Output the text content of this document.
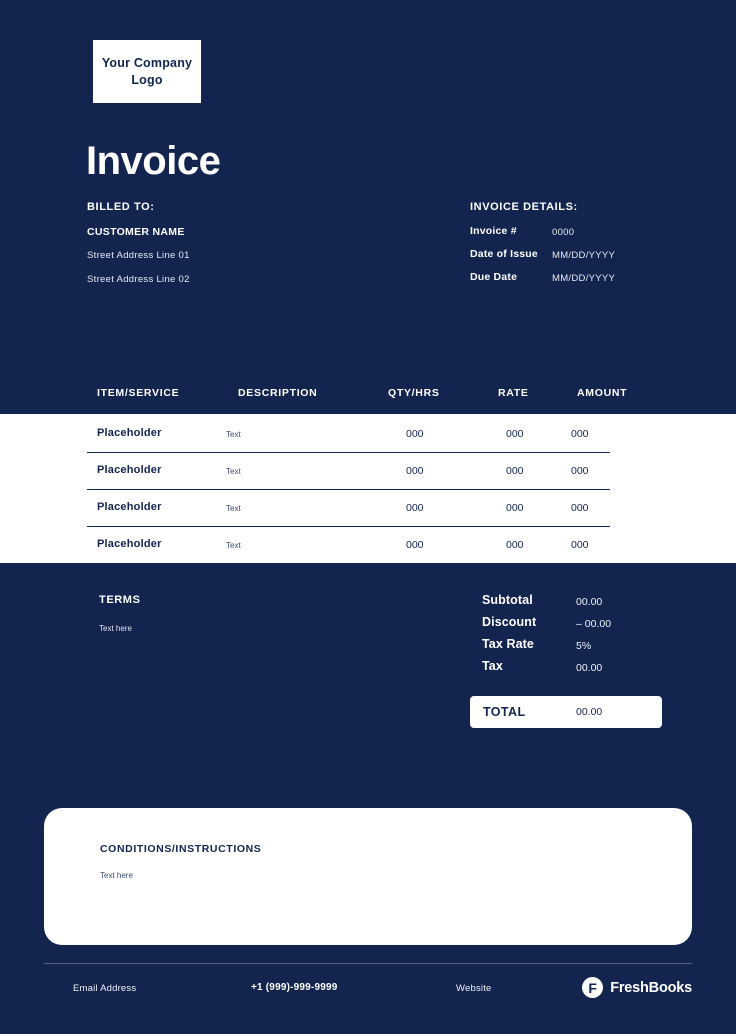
Your Company Logo
Invoice
BILLED TO:
CUSTOMER NAME
Street Address Line 01
Street Address Line 02
INVOICE DETAILS:
Invoice #	0000
Date of Issue MM/DD/YYYY
Due Date	MM/DD/YYYY
ITEM/SERVICE	DESCRIPTION	QTY/HRS	RATE	AMOUNT
Placeholder	Text	000	000	000
Placeholder	Text	000	000	000
Placeholder	Text	000	000	000
Placeholder	Text	000	000	000
TERMS
Text here
Subtotal	00.00
Discount	– 00.00
Tax Rate	5%
Tax	00.00
TOTAL	00.00
CONDITIONS/INSTRUCTIONS
Text here
Email Address	+1 (999)-999-9999	Website	F FreshBooks
